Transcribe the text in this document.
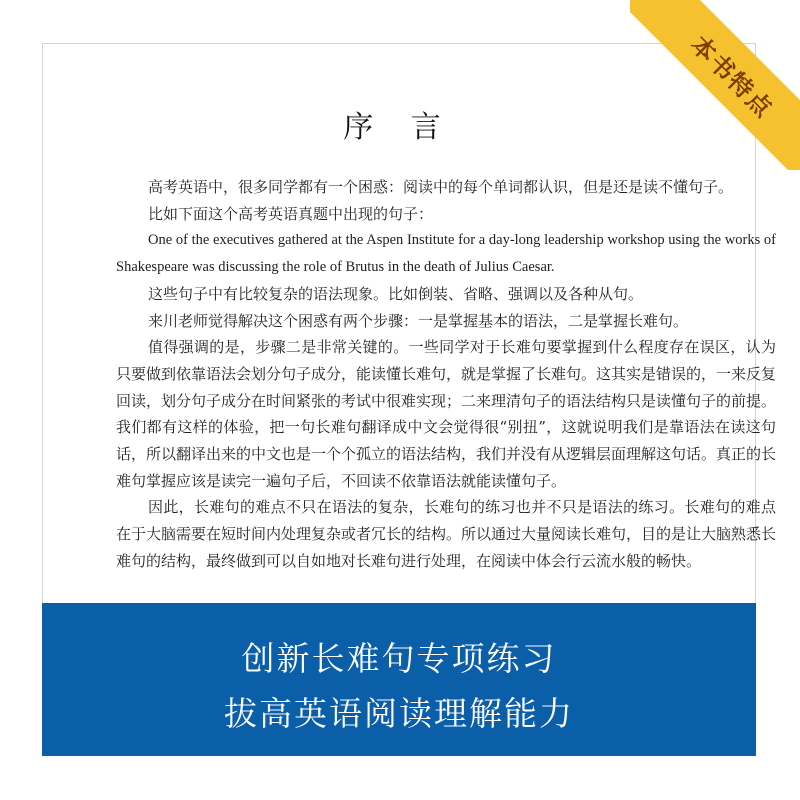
序 言

高考英语中，很多同学都有一个困惑：阅读中的每个单词都认识，但是还是读不懂句子。

比如下面这个高考英语真题中出现的句子：

One of the executives gathered at the Aspen Institute for a day-long leadership workshop using the works of Shakespeare was discussing the role of Brutus in the death of Julius Caesar.

这些句子中有比较复杂的语法现象。比如倒装、省略、强调以及各种从句。

来川老师觉得解决这个困惑有两个步骤：一是掌握基本的语法，二是掌握长难句。

值得强调的是，步骤二是非常关键的。一些同学对于长难句要掌握到什么程度存在误区，认为只要做到依靠语法会划分句子成分，能读懂长难句，就是掌握了长难句。这其实是错误的，一来反复回读，划分句子成分在时间紧张的考试中很难实现；二来理清句子的语法结构只是读懂句子的前提。我们都有这样的体验，把一句长难句翻译成中文会觉得很“别扭”，这就说明我们是靠语法在读这句话，所以翻译出来的中文也是一个个孤立的语法结构，我们并没有从逻辑层面理解这句话。真正的长难句掌握应该是读完一遍句子后，不回读不依靠语法就能读懂句子。

因此，长难句的难点不只在语法的复杂，长难句的练习也并不只是语法的练习。长难句的难点在于大脑需要在短时间内处理复杂或者冗长的结构。所以通过大量阅读长难句，目的是让大脑熟悉长难句的结构，最终做到可以自如地对长难句进行处理，在阅读中体会行云流水般的畅快。

创新长难句专项练习
拔高英语阅读理解能力
本书特点
